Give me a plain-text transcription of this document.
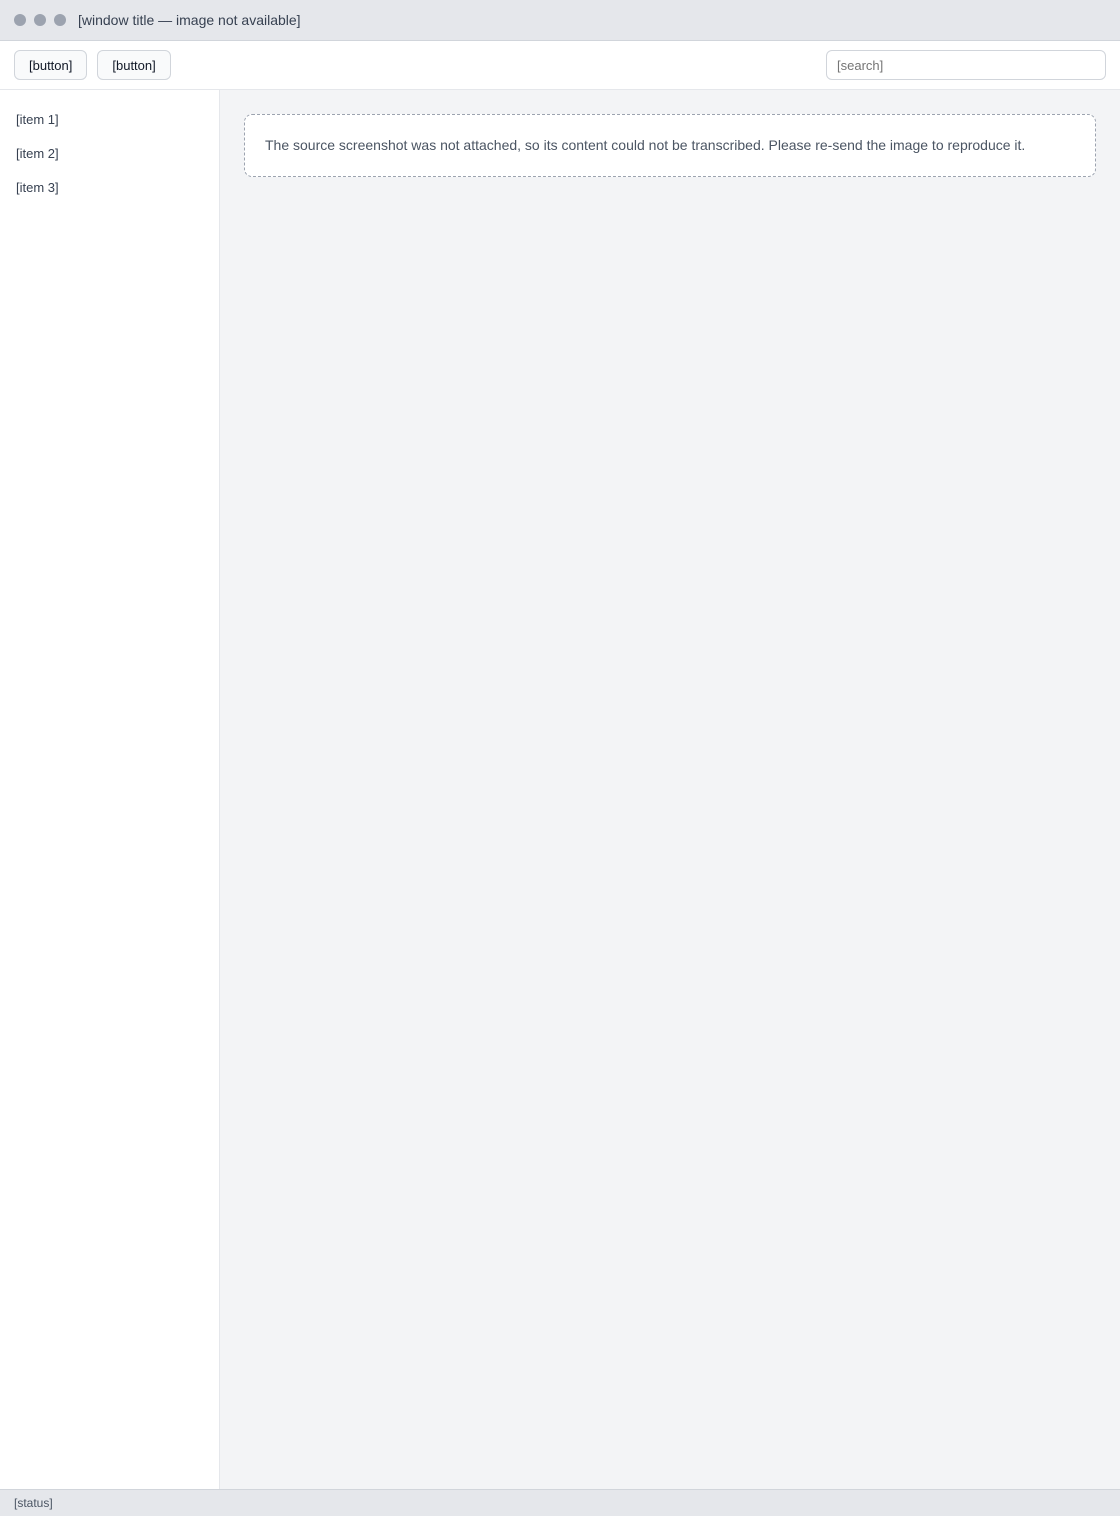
[window title — image not available]
[button]	[button]
[search]
[item 1]
[item 2]
[item 3]
The source screenshot was not attached, so its content could not be transcribed. Please re-send the image to reproduce it.
[status]
